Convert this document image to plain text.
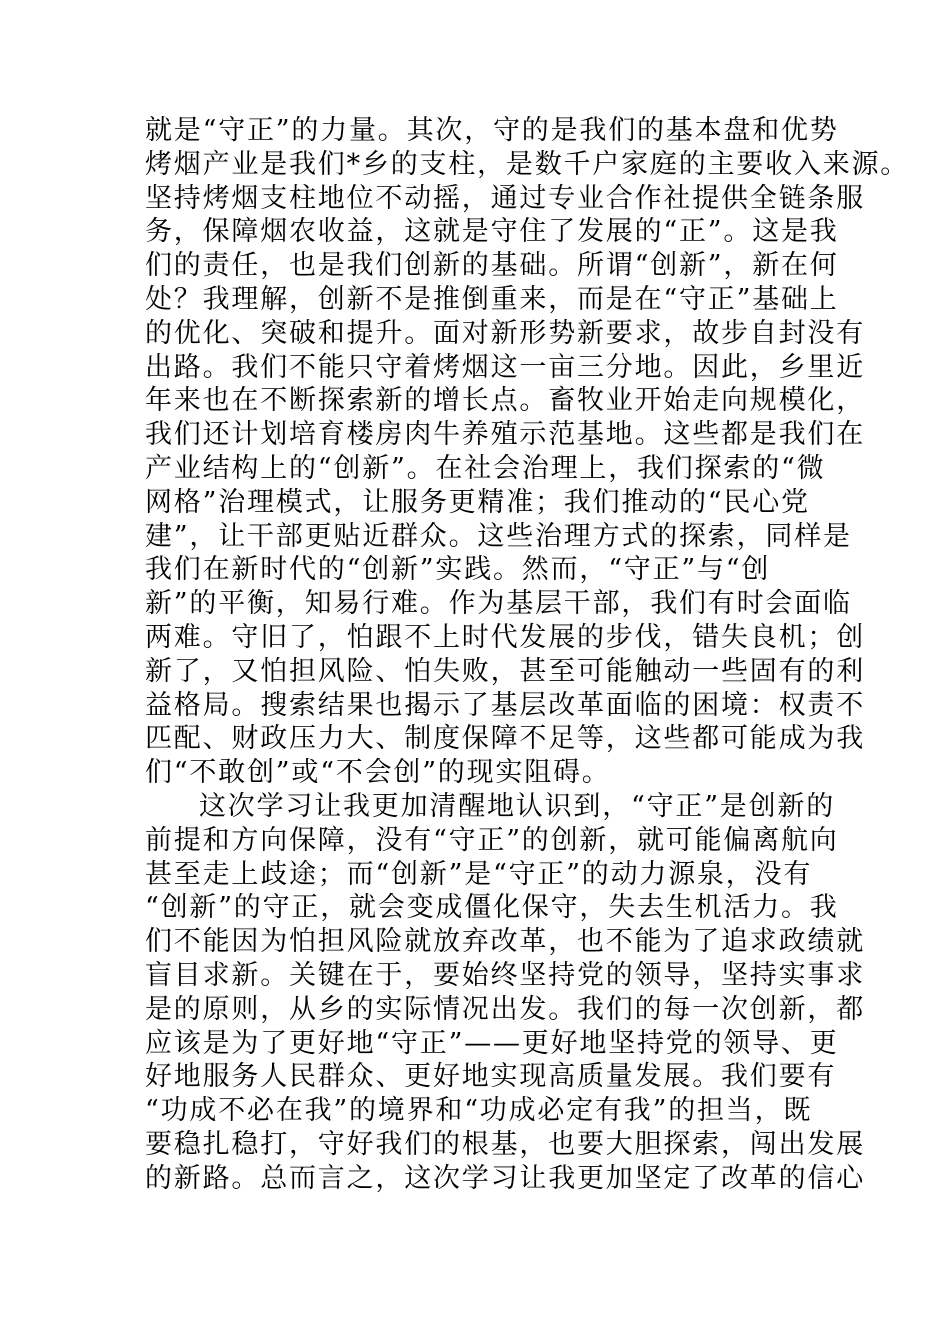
就是“守正”的力量。其次，守的是我们的基本盘和优势
烤烟产业是我们*乡的支柱，是数千户家庭的主要收入来源。
坚持烤烟支柱地位不动摇，通过专业合作社提供全链条服
务，保障烟农收益，这就是守住了发展的“正”。这是我
们的责任，也是我们创新的基础。所谓“创新”，新在何
处？我理解，创新不是推倒重来，而是在“守正”基础上
的优化、突破和提升。面对新形势新要求，故步自封没有
出路。我们不能只守着烤烟这一亩三分地。因此，乡里近
年来也在不断探索新的增长点。畜牧业开始走向规模化，
我们还计划培育楼房肉牛养殖示范基地。这些都是我们在
产业结构上的“创新”。在社会治理上，我们探索的“微
网格”治理模式，让服务更精准；我们推动的“民心党
建”，让干部更贴近群众。这些治理方式的探索，同样是
我们在新时代的“创新”实践。然而，“守正”与“创
新”的平衡，知易行难。作为基层干部，我们有时会面临
两难。守旧了，怕跟不上时代发展的步伐，错失良机；创
新了，又怕担风险、怕失败，甚至可能触动一些固有的利
益格局。搜索结果也揭示了基层改革面临的困境：权责不
匹配、财政压力大、制度保障不足等，这些都可能成为我
们“不敢创”或“不会创”的现实阻碍。
这次学习让我更加清醒地认识到，“守正”是创新的
前提和方向保障，没有“守正”的创新，就可能偏离航向
甚至走上歧途；而“创新”是“守正”的动力源泉，没有
“创新”的守正，就会变成僵化保守，失去生机活力。我
们不能因为怕担风险就放弃改革，也不能为了追求政绩就
盲目求新。关键在于，要始终坚持党的领导，坚持实事求
是的原则，从乡的实际情况出发。我们的每一次创新，都
应该是为了更好地“守正”——更好地坚持党的领导、更
好地服务人民群众、更好地实现高质量发展。我们要有
“功成不必在我”的境界和“功成必定有我”的担当，既
要稳扎稳打，守好我们的根基，也要大胆探索，闯出发展
的新路。总而言之，这次学习让我更加坚定了改革的信心
